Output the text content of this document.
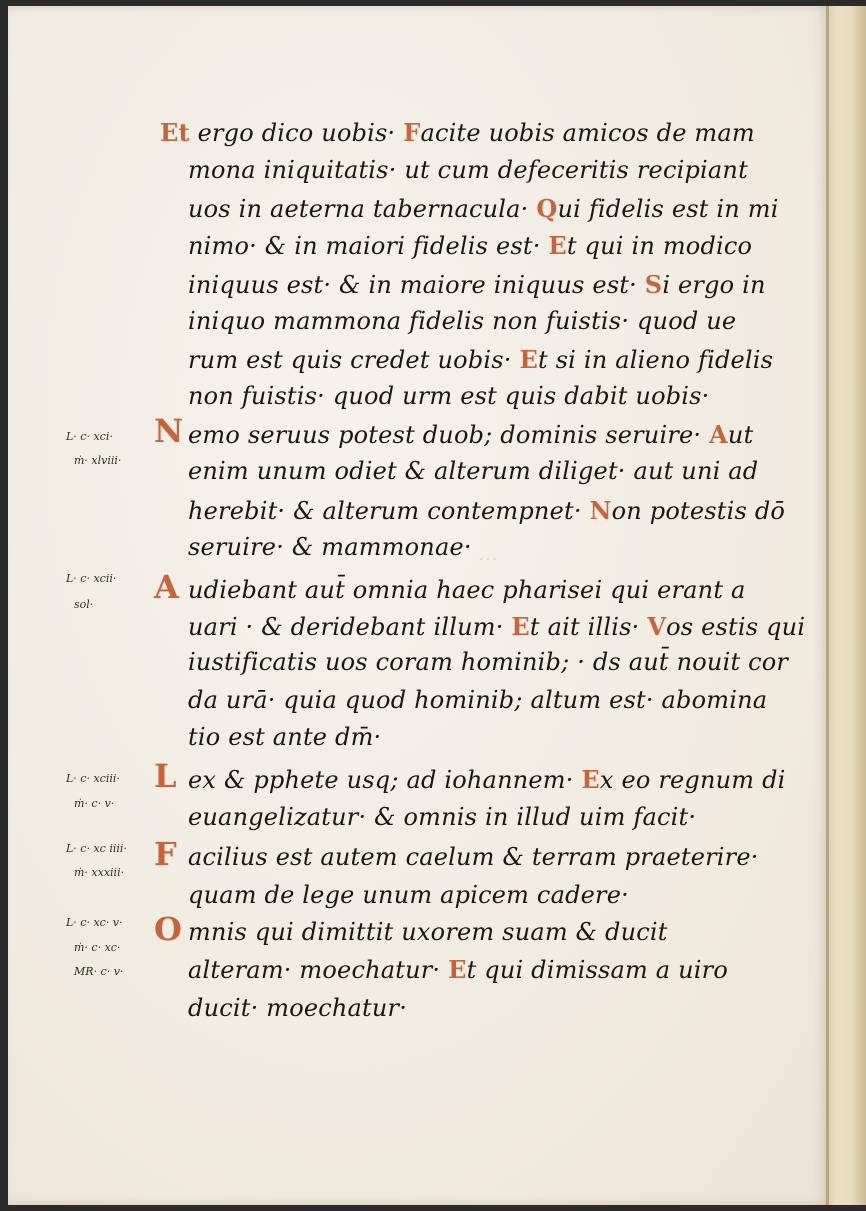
…
Et ergo dico uobis· Facite uobis amicos de mam
mona iniquitatis· ut cum defeceritis recipiant
uos in aeterna tabernacula· Qui fidelis est in mi
nimo· & in maiori fidelis est· Et qui in modico
iniquus est· & in maiore iniquus est· Si ergo in
iniquo mammona fidelis non fuistis· quod ue
rum est quis credet uobis· Et si in alieno fidelis
non fuistis· quod urm est quis dabit uobis·
N emo seruus potest duob; dominis seruire· Aut
enim unum odiet & alterum diliget· aut uni ad
herebit· & alterum contempnet· Non potestis dō
seruire· & mammonae·
A udiebant aut̄ omnia haec pharisei qui erant a
uari · & deridebant illum· Et ait illis· Vos estis qui
iustificatis uos coram hominib; · ds aut̄ nouit cor
da urā· quia quod hominib; altum est· abomina
tio est ante dm̄·
L ex & pphete usq; ad iohannem· Ex eo regnum di
euangelizatur· & omnis in illud uim facit·
F acilius est autem caelum & terram praeterire·
quam de lege unum apicem cadere·
O mnis qui dimittit uxorem suam & ducit
alteram· moechatur· Et qui dimissam a uiro
ducit· moechatur·
L· c· xci·
ṁ· xlviii·
L· c· xcii·
sol·
L· c· xciii·
ṁ· c· v·
L· c· xc iiii·
ṁ· xxxiii·
L· c· xc· v·
ṁ· c· xc·
MR· c· v·
